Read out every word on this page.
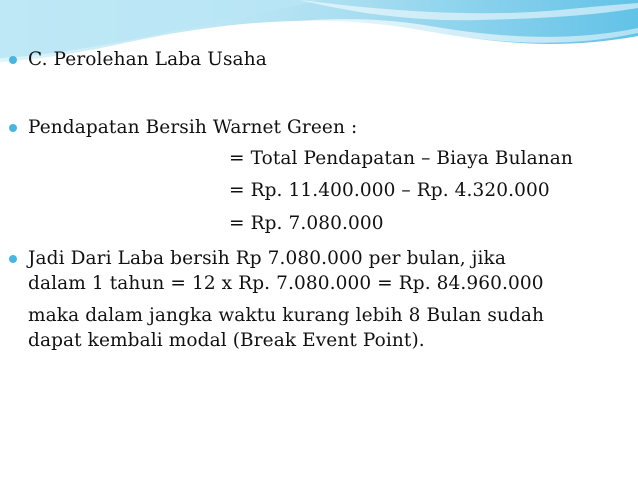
C. Perolehan Laba Usaha
Pendapatan Bersih Warnet Green :
= Total Pendapatan – Biaya Bulanan
= Rp. 11.400.000 – Rp. 4.320.000
= Rp. 7.080.000
Jadi Dari Laba bersih Rp 7.080.000 per bulan, jika
dalam 1 tahun = 12 x Rp. 7.080.000 = Rp. 84.960.000
maka dalam jangka waktu kurang lebih 8 Bulan sudah
dapat kembali modal (Break Event Point).
